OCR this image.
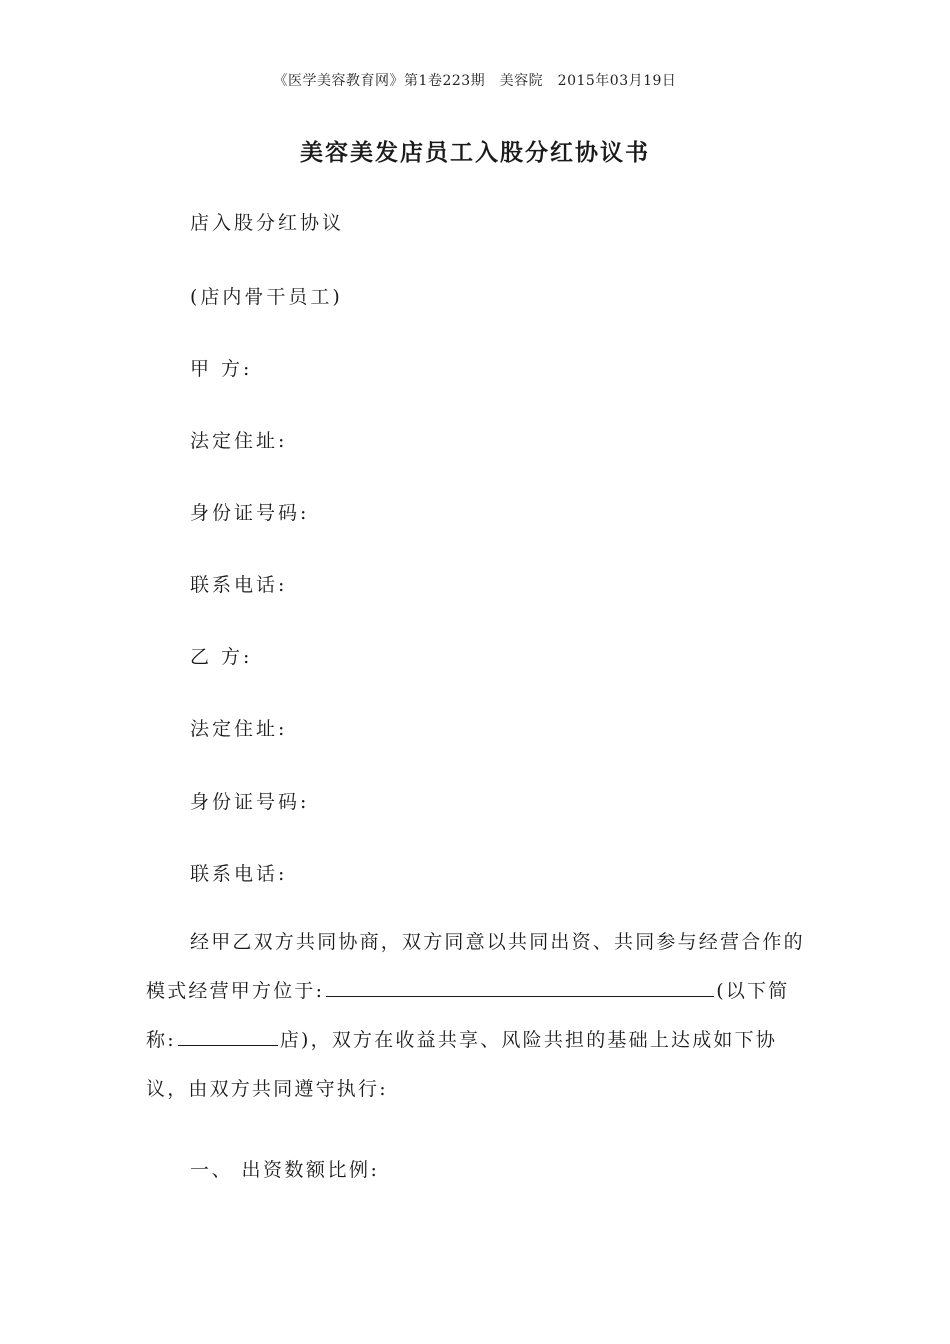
《医学美容教育网》第1卷223期　美容院　2015年03月19日
美容美发店员工入股分红协议书
店入股分红协议
(店内骨干员工)
甲 方:
法定住址:
身份证号码:
联系电话:
乙 方:
法定住址:
身份证号码:
联系电话:
经甲乙双方共同协商，双方同意以共同出资、共同参与经营合作的模式经营甲方位于:	(以下简称:	店)，双方在收益共享、风险共担的基础上达成如下协议，由双方共同遵守执行:
一、 出资数额比例:
